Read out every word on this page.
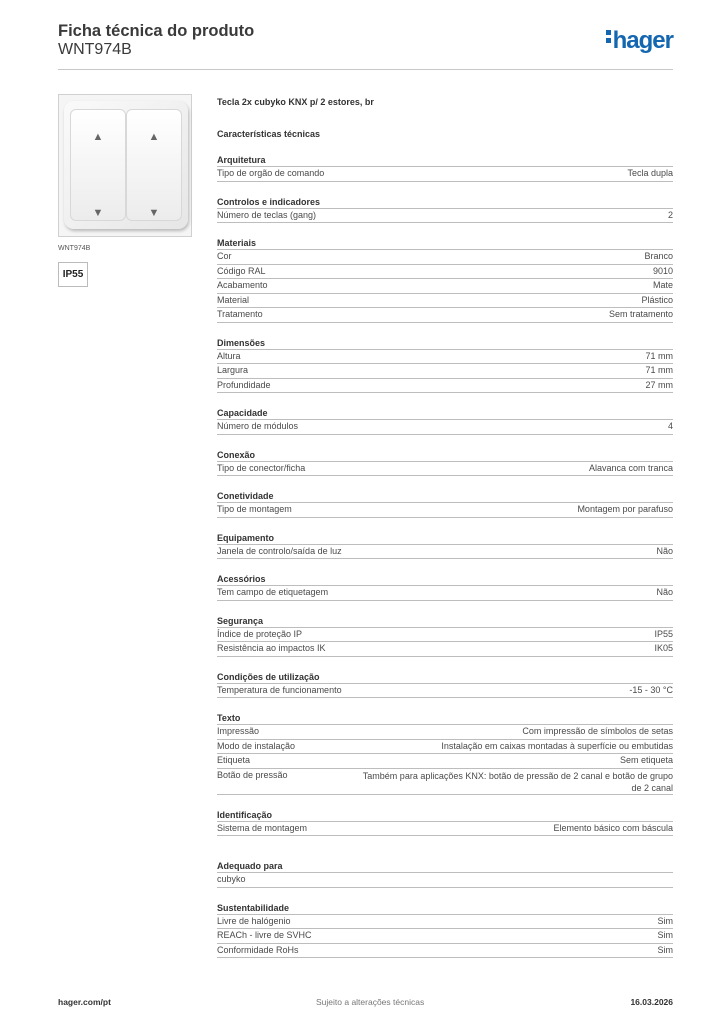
Ficha técnica do produto
WNT974B	hager
▲
▼
▲
▼
WNT974B
IP55
Tecla 2x cubyko KNX p/ 2 estores, br
Características técnicas
Arquitetura
Tipo de orgão de comando	Tecla dupla
Controlos e indicadores
Número de teclas (gang)	2
Materiais
Cor	Branco
Código RAL	9010
Acabamento	Mate
Material	Plástico
Tratamento	Sem tratamento
Dimensões
Altura	71 mm
Largura	71 mm
Profundidade	27 mm
Capacidade
Número de módulos	4
Conexão
Tipo de conector/ficha	Alavanca com tranca
Conetividade
Tipo de montagem	Montagem por parafuso
Equipamento
Janela de controlo/saída de luz	Não
Acessórios
Tem campo de etiquetagem	Não
Segurança
Índice de proteção IP	IP55
Resistência ao impactos IK	IK05
Condições de utilização
Temperatura de funcionamento	-15 - 30 °C
Texto
Impressão	Com impressão de símbolos de setas
Modo de instalação	Instalação em caixas montadas à superfície ou embutidas
Etiqueta	Sem etiqueta
Botão de pressão	Também para aplicações KNX: botão de pressão de 2 canal e botão de grupo de 2 canal
Identificação
Sistema de montagem	Elemento básico com báscula
Adequado para
cubyko
Sustentabilidade
Livre de halógenio	Sim
REACh - livre de SVHC	Sim
Conformidade RoHs	Sim
hager.com/pt	Sujeito a alterações técnicas	16.03.2026
